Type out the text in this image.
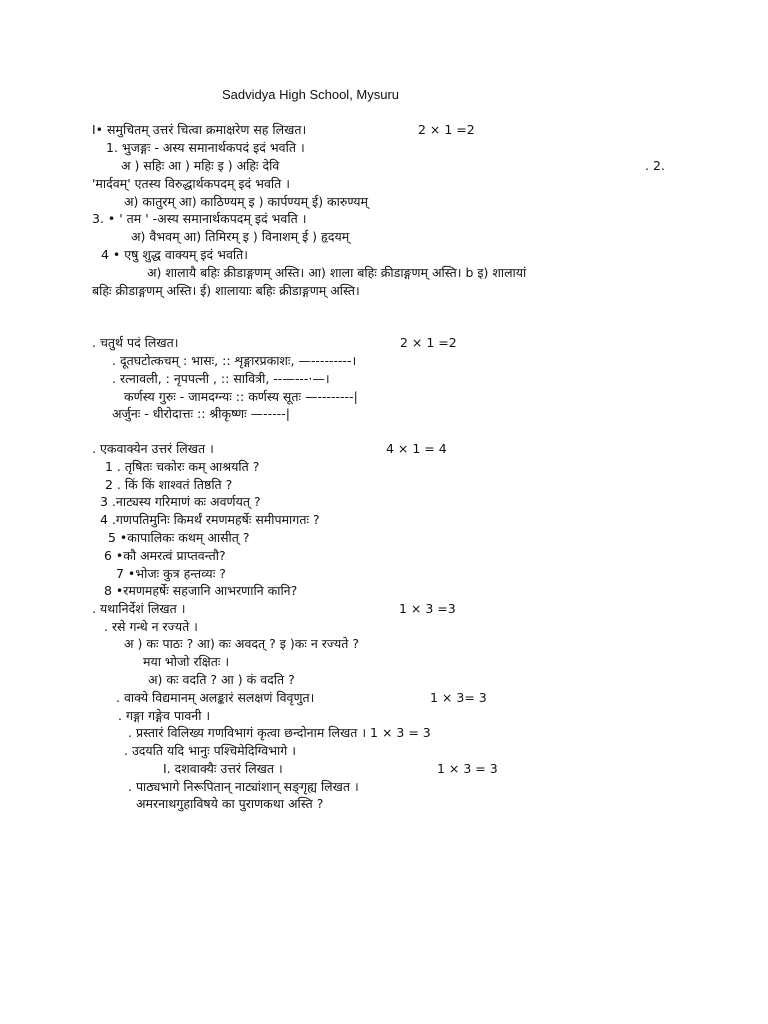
Sadvidya High School, Mysuru
I• समुचितम् उत्तरं चित्वा क्रमाक्षरेण सह लिखत।	2 × 1 =2
1. भुजङ्गः - अस्य समानार्थकपदं इदं भवति ।
अ ) सहिः आ ) महिः इ ) अहिः देवि	. 2.
'मार्दवम्' एतस्य विरुद्धार्थकपदम् इदं भवति ।
अ) कातुरम् आ) काठिण्यम् इ ) कार्पण्यम् ई) कारुण्यम्
3. • ' तम ' -अस्य समानार्थकपदम् इदं भवति ।
अ) वैभवम् आ) तिमिरम् इ ) विनाशम् ई ) हृदयम्
4 • एषु शुद्ध वाक्यम् इदं भवति।
अ) शालायै बहिः क्रीडाङ्गणम् अस्ति। आ) शाला बहिः क्रीडाङ्गणम् अस्ति। b इ) शालायां
बहिः क्रीडाङ्गणम् अस्ति। ई) शालायाः बहिः क्रीडाङ्गणम् अस्ति।
. चतुर्थ पदं लिखत।	2 × 1 =2
. दूतघटोत्कचम् : भासः, :: शृङ्गारप्रकाशः, —---------।
. रत्नावली, : नृपपत्नी , :: सावित्री, --—---·—।
कर्णस्य गुरुः - जामदग्न्यः :: कर्णस्य सूतः —--------|
अर्जुनः - धीरोदात्तः :: श्रीकृष्णः —-----|
. एकवाक्येन उत्तरं लिखत ।	4 × 1 = 4
1 . तृषितः चकोरः कम् आश्रयति ?
2 . किं किं शाश्वतं तिष्ठति ?
3 .नाट्यस्य गरिमाणं कः अवर्णयत् ?
4 .गणपतिमुनिः किमर्थं रमणमहर्षेः समीपमागतः ?
5 •कापालिकः कथम् आसीत् ?
6 •कौ अमरत्वं प्राप्तवन्तौ?
7 •भोजः कुत्र हन्तव्यः ?
8 •रमणमहर्षेः सहजानि आभरणानि कानि?
. यथानिर्देशं लिखत ।	1 × 3 =3
. रसे गन्धे न रज्यते ।
अ ) कः पाठः ? आ) कः अवदत् ? इ )कः न रज्यते ?
मया भोजो रक्षितः ।
अ) कः वदति ? आ ) कं वदति ?
. वाक्ये विद्यमानम् अलङ्कारं सलक्षणं विवृणुत।	1 × 3= 3
. गङ्गा गङ्गेव पावनी ।
. प्रस्तारं विलिख्य गणविभागं कृत्वा छन्दोनाम लिखत । 1 × 3 = 3
. उदयति यदि भानुः पश्चिमेदिग्विभागे ।
I. दशवाक्यैः उत्तरं लिखत ।	1 × 3 = 3
. पाठ्यभागे निरूपितान् नाट्यांशान् सङ्गृह्य लिखत ।
अमरनाथगुहाविषये का पुराणकथा अस्ति ?
